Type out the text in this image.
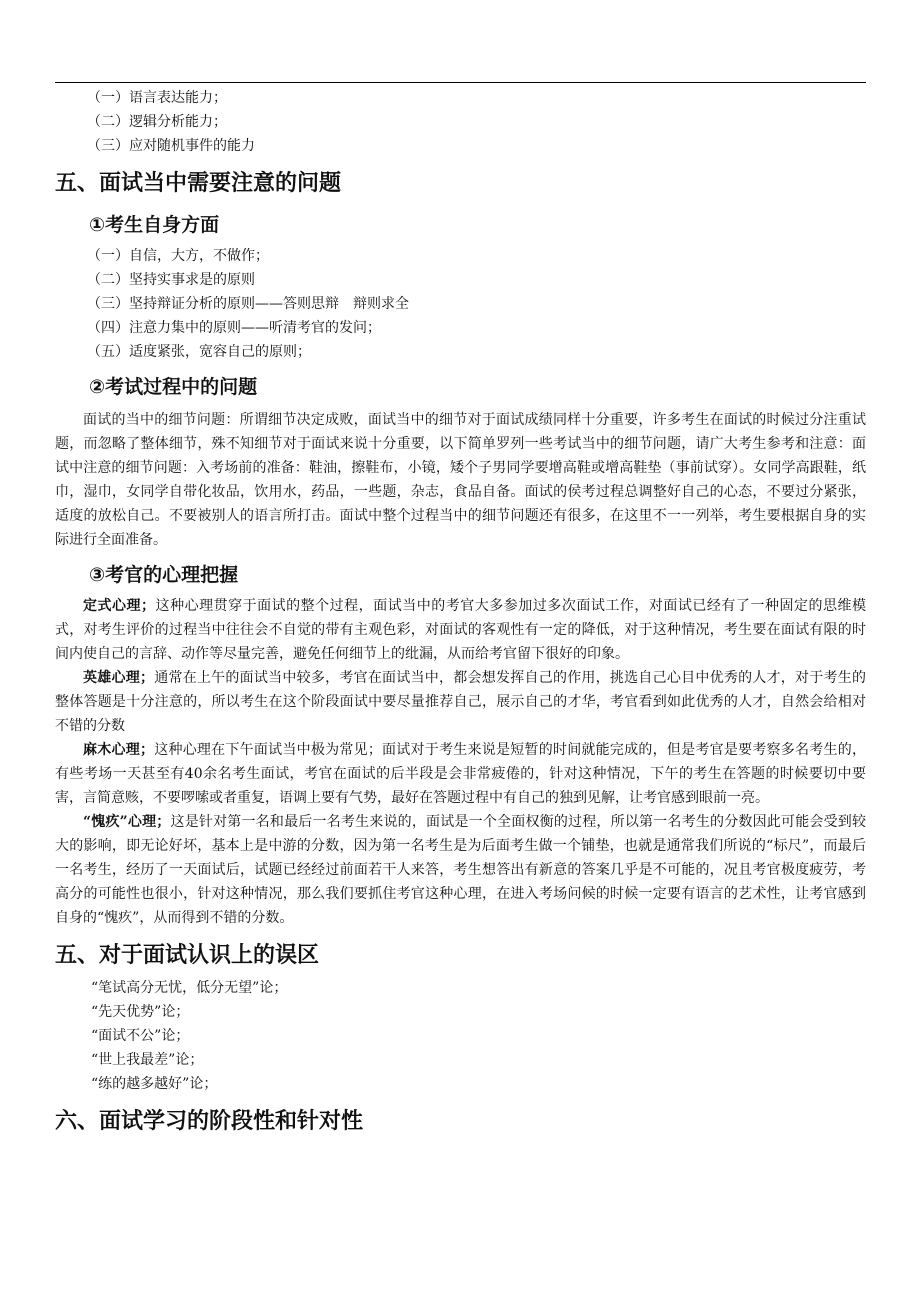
（一）语言表达能力；
（二）逻辑分析能力；
（三）应对随机事件的能力
五、面试当中需要注意的问题
①考生自身方面
（一）自信，大方，不做作；
（二）坚持实事求是的原则
（三）坚持辩证分析的原则——答则思辩　辩则求全
（四）注意力集中的原则——听清考官的发问；
（五）适度紧张，宽容自己的原则；
②考试过程中的问题

面试的当中的细节问题：所谓细节决定成败，面试当中的细节对于面试成绩同样十分重要，许多考生在面试的时候过分注重试题，而忽略了整体细节，殊不知细节对于面试来说十分重要，以下简单罗列一些考试当中的细节问题，请广大考生参考和注意：面试中注意的细节问题：入考场前的准备：鞋油，擦鞋布，小镜，矮个子男同学要增高鞋或增高鞋垫（事前试穿）。女同学高跟鞋，纸巾，湿巾，女同学自带化妆品，饮用水，药品，一些题，杂志，食品自备。面试的侯考过程总调整好自己的心态，不要过分紧张，适度的放松自己。不要被别人的语言所打击。面试中整个过程当中的细节问题还有很多，在这里不一一列举，考生要根据自身的实际进行全面准备。

③考官的心理把握

定式心理；这种心理贯穿于面试的整个过程，面试当中的考官大多参加过多次面试工作，对面试已经有了一种固定的思维模式，对考生评价的过程当中往往会不自觉的带有主观色彩，对面试的客观性有一定的降低，对于这种情况，考生要在面试有限的时间内使自己的言辞、动作等尽量完善，避免任何细节上的纰漏，从而给考官留下很好的印象。

英雄心理；通常在上午的面试当中较多，考官在面试当中，都会想发挥自己的作用，挑选自己心目中优秀的人才，对于考生的整体答题是十分注意的，所以考生在这个阶段面试中要尽量推荐自己，展示自己的才华，考官看到如此优秀的人才，自然会给相对不错的分数

麻木心理；这种心理在下午面试当中极为常见；面试对于考生来说是短暂的时间就能完成的，但是考官是要考察多名考生的，有些考场一天甚至有40余名考生面试，考官在面试的后半段是会非常疲倦的，针对这种情况，下午的考生在答题的时候要切中要害，言简意赅，不要啰嗦或者重复，语调上要有气势，最好在答题过程中有自己的独到见解，让考官感到眼前一亮。

“愧疚”心理；这是针对第一名和最后一名考生来说的，面试是一个全面权衡的过程，所以第一名考生的分数因此可能会受到较大的影响，即无论好坏，基本上是中游的分数，因为第一名考生是为后面考生做一个铺垫，也就是通常我们所说的“标尺”，而最后一名考生，经历了一天面试后，试题已经经过前面若干人来答，考生想答出有新意的答案几乎是不可能的，况且考官极度疲劳，考高分的可能性也很小，针对这种情况，那么我们要抓住考官这种心理，在进入考场问候的时候一定要有语言的艺术性，让考官感到自身的“愧疚”，从而得到不错的分数。

五、对于面试认识上的误区
“笔试高分无忧，低分无望”论；
“先天优势”论；
“面试不公”论；
“世上我最差”论；
“练的越多越好”论；
六、面试学习的阶段性和针对性
